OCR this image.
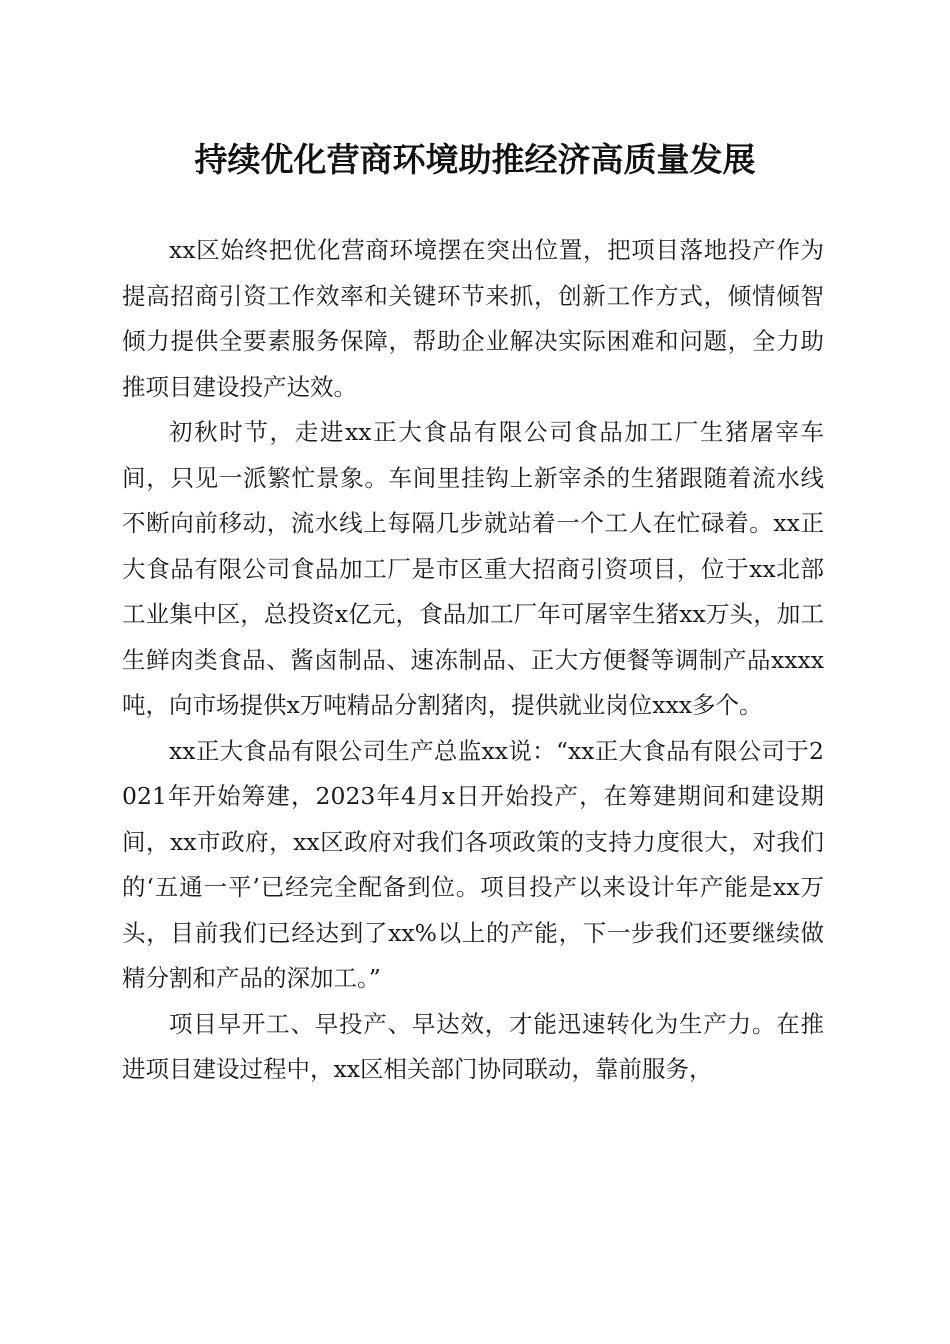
持续优化营商环境助推经济高质量发展

xx区始终把优化营商环境摆在突出位置，把项目落地投产作为提高招商引资工作效率和关键环节来抓，创新工作方式，倾情倾智倾力提供全要素服务保障，帮助企业解决实际困难和问题，全力助推项目建设投产达效。

初秋时节，走进xx正大食品有限公司食品加工厂生猪屠宰车间，只见一派繁忙景象。车间里挂钩上新宰杀的生猪跟随着流水线不断向前移动，流水线上每隔几步就站着一个工人在忙碌着。xx正大食品有限公司食品加工厂是市区重大招商引资项目，位于xx北部工业集中区，总投资x亿元，食品加工厂年可屠宰生猪xx万头，加工生鲜肉类食品、酱卤制品、速冻制品、正大方便餐等调制产品xxxx吨，向市场提供x万吨精品分割猪肉，提供就业岗位xxx多个。

xx正大食品有限公司生产总监xx说：“xx正大食品有限公司于2021年开始筹建，2023年4月x日开始投产，在筹建期间和建设期间，xx市政府，xx区政府对我们各项政策的支持力度很大，对我们的‘五通一平’已经完全配备到位。项目投产以来设计年产能是xx万头，目前我们已经达到了xx%以上的产能，下一步我们还要继续做精分割和产品的深加工。”

项目早开工、早投产、早达效，才能迅速转化为生产力。在推进项目建设过程中，xx区相关部门协同联动，靠前服务，
